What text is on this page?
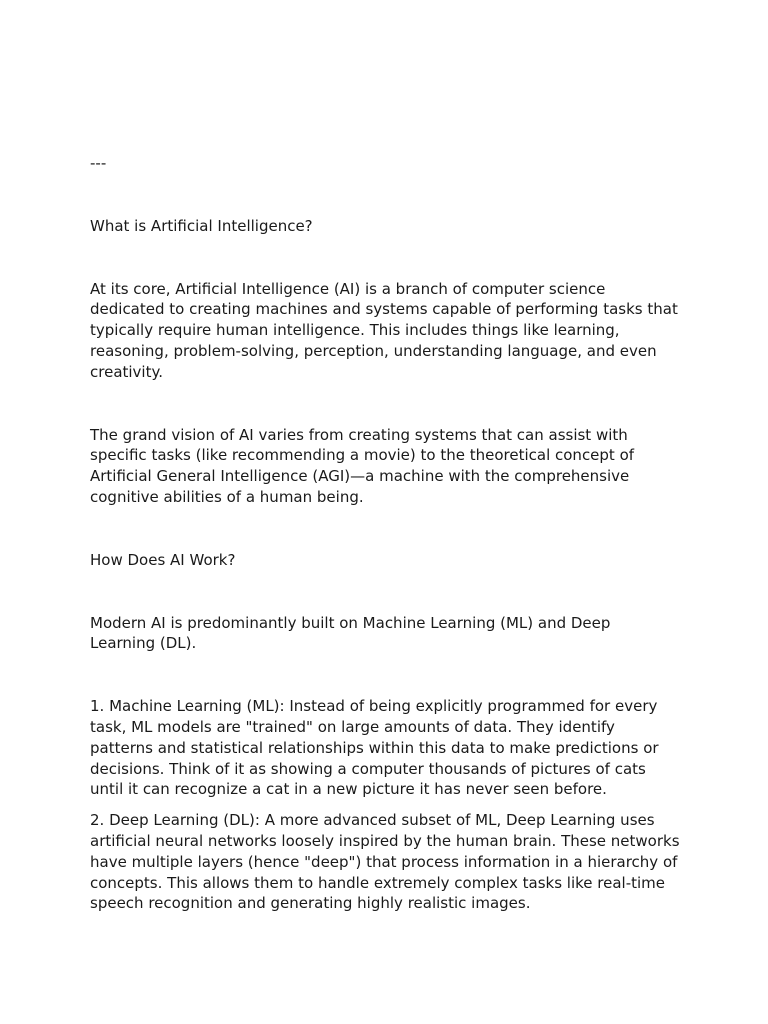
---

What is Artificial Intelligence?

At its core, Artificial Intelligence (AI) is a branch of computer science dedicated to creating machines and systems capable of performing tasks that typically require human intelligence. This includes things like learning, reasoning, problem-solving, perception, understanding language, and even creativity.

The grand vision of AI varies from creating systems that can assist with specific tasks (like recommending a movie) to the theoretical concept of Artificial General Intelligence (AGI)—a machine with the comprehensive cognitive abilities of a human being.

How Does AI Work?

Modern AI is predominantly built on Machine Learning (ML) and Deep Learning (DL).

1. Machine Learning (ML): Instead of being explicitly programmed for every task, ML models are "trained" on large amounts of data. They identify patterns and statistical relationships within this data to make predictions or decisions. Think of it as showing a computer thousands of pictures of cats until it can recognize a cat in a new picture it has never seen before.

2. Deep Learning (DL): A more advanced subset of ML, Deep Learning uses artificial neural networks loosely inspired by the human brain. These networks have multiple layers (hence "deep") that process information in a hierarchy of concepts. This allows them to handle extremely complex tasks like real-time speech recognition and generating highly realistic images.
